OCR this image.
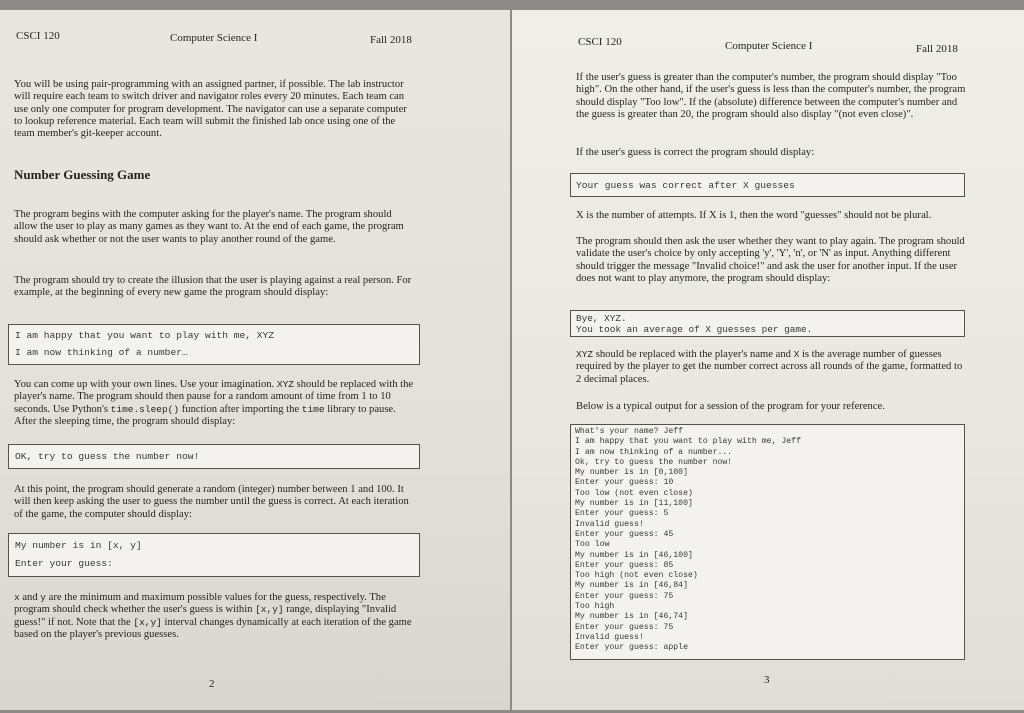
CSCI 120	Computer Science I	Fall 2018
You will be using pair-programming with an assigned partner, if possible. The lab instructor will require each team to switch driver and navigator roles every 20 minutes. Each team can use only one computer for program development. The navigator can use a separate computer to lookup reference material. Each team will submit the finished lab once using one of the team member's git-keeper account.
Number Guessing Game
The program begins with the computer asking for the player's name. The program should allow the user to play as many games as they want to. At the end of each game, the program should ask whether or not the user wants to play another round of the game.
The program should try to create the illusion that the user is playing against a real person. For example, at the beginning of every new game the program should display:
I am happy that you want to play with me, XYZ
I am now thinking of a number…
You can come up with your own lines. Use your imagination. XYZ should be replaced with the player's name. The program should then pause for a random amount of time from 1 to 10 seconds. Use Python's time.sleep() function after importing the time library to pause. After the sleeping time, the program should display:
OK, try to guess the number now!
At this point, the program should generate a random (integer) number between 1 and 100. It will then keep asking the user to guess the number until the guess is correct. At each iteration of the game, the computer should display:
My number is in [x, y]
Enter your guess:
x and y are the minimum and maximum possible values for the guess, respectively. The program should check whether the user's guess is within [x,y] range, displaying "Invalid guess!" if not. Note that the [x,y] interval changes dynamically at each iteration of the game based on the player's previous guesses.
2
CSCI 120	Computer Science I	Fall 2018
If the user's guess is greater than the computer's number, the program should display "Too high". On the other hand, if the user's guess is less than the computer's number, the program should display "Too low". If the (absolute) difference between the computer's number and the guess is greater than 20, the program should also display "(not even close)".
If the user's guess is correct the program should display:
Your guess was correct after X guesses
X is the number of attempts. If X is 1, then the word "guesses" should not be plural.
The program should then ask the user whether they want to play again. The program should validate the user's choice by only accepting 'y', 'Y', 'n', or 'N' as input. Anything different should trigger the message "Invalid choice!" and ask the user for another input. If the user does not want to play anymore, the program should display:
Bye, XYZ.
You took an average of X guesses per game.
XYZ should be replaced with the player's name and X is the average number of guesses required by the player to get the number correct across all rounds of the game, formatted to 2 decimal places.
Below is a typical output for a session of the program for your reference.
What's your name? Jeff
I am happy that you want to play with me, Jeff
I am now thinking of a number...
Ok, try to guess the number now!
My number is in [0,100]
Enter your guess: 10
Too low (not even close)
My number is in [11,100]
Enter your guess: 5
Invalid guess!
Enter your guess: 45
Too low
My number is in [46,100]
Enter your guess: 85
Too high (not even close)
My number is in [46,84]
Enter your guess: 75
Too high
My number is in [46,74]
Enter your guess: 75
Invalid guess!
Enter your guess: apple
3
